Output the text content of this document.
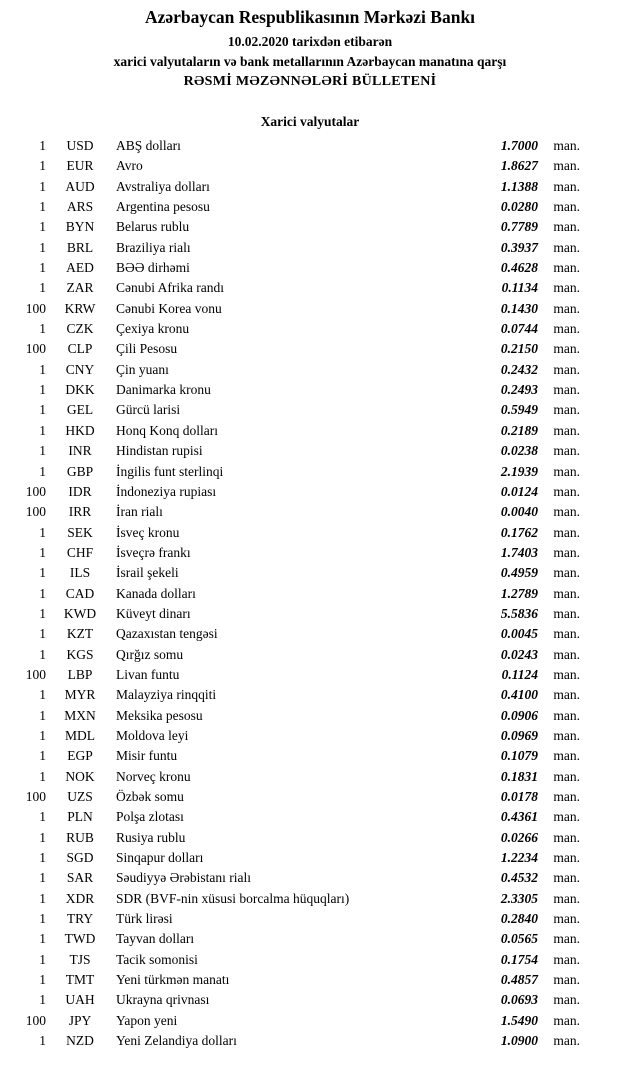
Azərbaycan Respublikasının Mərkəzi Bankı
10.02.2020 tarixdən etibarən
xarici valyutaların və bank metallarının Azərbaycan manatına qarşı
RƏSMİ MƏZƏNNƏLƏRİ BÜLLETENİ
Xarici valyutalar
1	USD	ABŞ dolları	1.7000	man.
1	EUR	Avro	1.8627	man.
1	AUD	Avstraliya dolları	1.1388	man.
1	ARS	Argentina pesosu	0.0280	man.
1	BYN	Belarus rublu	0.7789	man.
1	BRL	Braziliya rialı	0.3937	man.
1	AED	BƏƏ dirhəmi	0.4628	man.
1	ZAR	Cənubi Afrika randı	0.1134	man.
100	KRW	Cənubi Korea vonu	0.1430	man.
1	CZK	Çexiya kronu	0.0744	man.
100	CLP	Çili Pesosu	0.2150	man.
1	CNY	Çin yuanı	0.2432	man.
1	DKK	Danimarka kronu	0.2493	man.
1	GEL	Gürcü larisi	0.5949	man.
1	HKD	Honq Konq dolları	0.2189	man.
1	INR	Hindistan rupisi	0.0238	man.
1	GBP	İngilis funt sterlinqi	2.1939	man.
100	IDR	İndoneziya rupiası	0.0124	man.
100	IRR	İran rialı	0.0040	man.
1	SEK	İsveç kronu	0.1762	man.
1	CHF	İsveçrə frankı	1.7403	man.
1	ILS	İsrail şekeli	0.4959	man.
1	CAD	Kanada dolları	1.2789	man.
1	KWD	Küveyt dinarı	5.5836	man.
1	KZT	Qazaxıstan tengəsi	0.0045	man.
1	KGS	Qırğız somu	0.0243	man.
100	LBP	Livan funtu	0.1124	man.
1	MYR	Malayziya rinqqiti	0.4100	man.
1	MXN	Meksika pesosu	0.0906	man.
1	MDL	Moldova leyi	0.0969	man.
1	EGP	Misir funtu	0.1079	man.
1	NOK	Norveç kronu	0.1831	man.
100	UZS	Özbək somu	0.0178	man.
1	PLN	Polşa zlotası	0.4361	man.
1	RUB	Rusiya rublu	0.0266	man.
1	SGD	Sinqapur dolları	1.2234	man.
1	SAR	Səudiyyə Ərəbistanı rialı	0.4532	man.
1	XDR	SDR (BVF-nin xüsusi borcalma hüquqları)	2.3305	man.
1	TRY	Türk lirəsi	0.2840	man.
1	TWD	Tayvan dolları	0.0565	man.
1	TJS	Tacik somonisi	0.1754	man.
1	TMT	Yeni türkmən manatı	0.4857	man.
1	UAH	Ukrayna qrivnası	0.0693	man.
100	JPY	Yapon yeni	1.5490	man.
1	NZD	Yeni Zelandiya dolları	1.0900	man.
